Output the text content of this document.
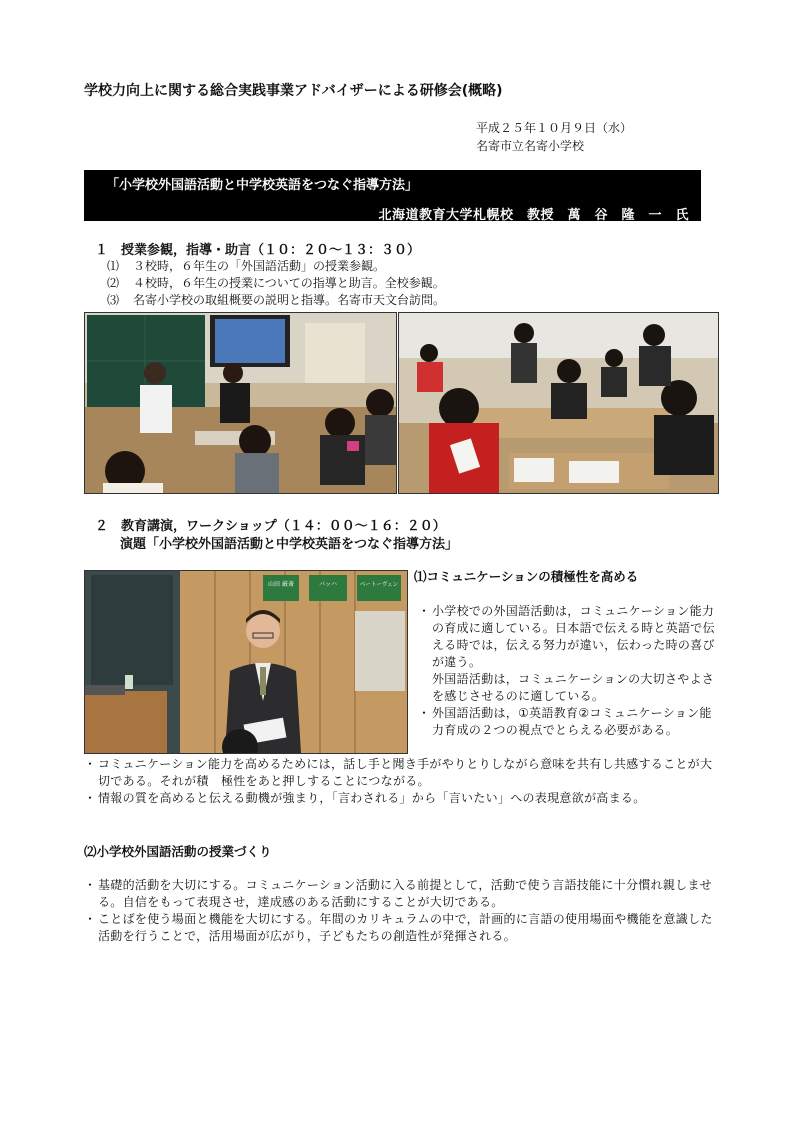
学校力向上に関する総合実践事業アドバイザーによる研修会(概略)
平成２５年１０月９日（水）
名寄市立名寄小学校
「小学校外国語活動と中学校英語をつなぐ指導方法」
北海道教育大学札幌校　教授　萬　谷　隆　一　氏
１　授業参観，指導・助言（１０：２０～１３：３０）
⑴ ３校時，６年生の「外国語活動」の授業参観。
⑵ ４校時，６年生の授業についての指導と助言。全校参観。
⑶ 名寄小学校の取組概要の説明と指導。名寄市天文台訪問。
２　教育講演，ワークショップ（１４：００～１６：２０）
演題「小学校外国語活動と中学校英語をつなぐ指導方法」
山田 厳斎	バッハ	ベートーヴェン
⑴コミュニケーションの積極性を高める
・ 小学校での外国語活動は，コミュニケーション能力の育成に適している。日本語で伝える時と英語で伝える時では，伝える努力が違い，伝わった時の喜びが違う。
外国語活動は，コミュニケーションの大切さやよさを感じさせるのに適している。
・ 外国語活動は，①英語教育②コミュニケーション能力育成の２つの視点でとらえる必要がある。
・ コミュニケーション能力を高めるためには，話し手と聞き手がやりとりしながら意味を共有し共感することが大切である。それが積　極性をあと押しすることにつながる。
・ 情報の質を高めると伝える動機が強まり，「言わされる」から「言いたい」への表現意欲が高まる。
⑵小学校外国語活動の授業づくり
・ 基礎的活動を大切にする。コミュニケーション活動に入る前提として，活動で使う言語技能に十分慣れ親しませる。自信をもって表現させ，達成感のある活動にすることが大切である。
・ ことばを使う場面と機能を大切にする。年間のカリキュラムの中で，計画的に言語の使用場面や機能を意識した活動を行うことで，活用場面が広がり，子どもたちの創造性が発揮される。
